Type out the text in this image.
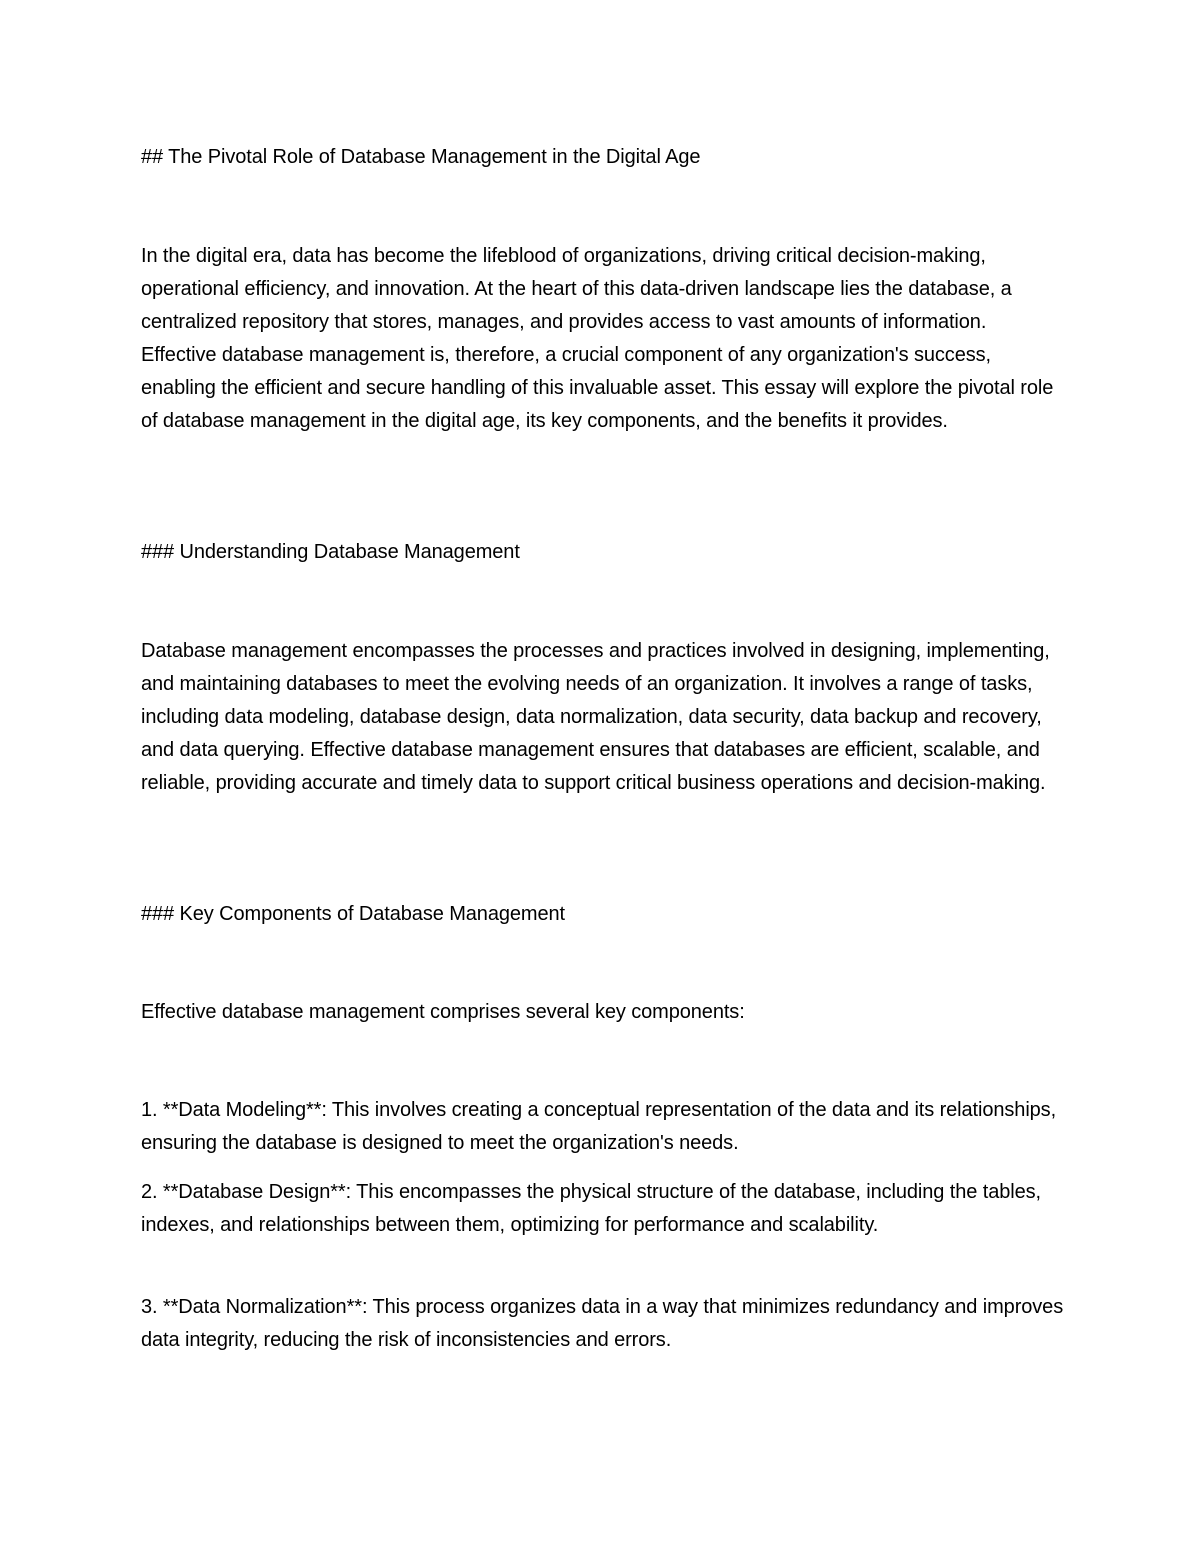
## The Pivotal Role of Database Management in the Digital Age

In the digital era, data has become the lifeblood of organizations, driving critical decision-making, operational efficiency, and innovation. At the heart of this data-driven landscape lies the database, a centralized repository that stores, manages, and provides access to vast amounts of information. Effective database management is, therefore, a crucial component of any organization's success, enabling the efficient and secure handling of this invaluable asset. This essay will explore the pivotal role of database management in the digital age, its key components, and the benefits it provides.

### Understanding Database Management

Database management encompasses the processes and practices involved in designing, implementing, and maintaining databases to meet the evolving needs of an organization. It involves a range of tasks, including data modeling, database design, data normalization, data security, data backup and recovery, and data querying. Effective database management ensures that databases are efficient, scalable, and reliable, providing accurate and timely data to support critical business operations and decision-making.

### Key Components of Database Management

Effective database management comprises several key components:

1. **Data Modeling**: This involves creating a conceptual representation of the data and its relationships, ensuring the database is designed to meet the organization's needs.

2. **Database Design**: This encompasses the physical structure of the database, including the tables, indexes, and relationships between them, optimizing for performance and scalability.

3. **Data Normalization**: This process organizes data in a way that minimizes redundancy and improves data integrity, reducing the risk of inconsistencies and errors.
